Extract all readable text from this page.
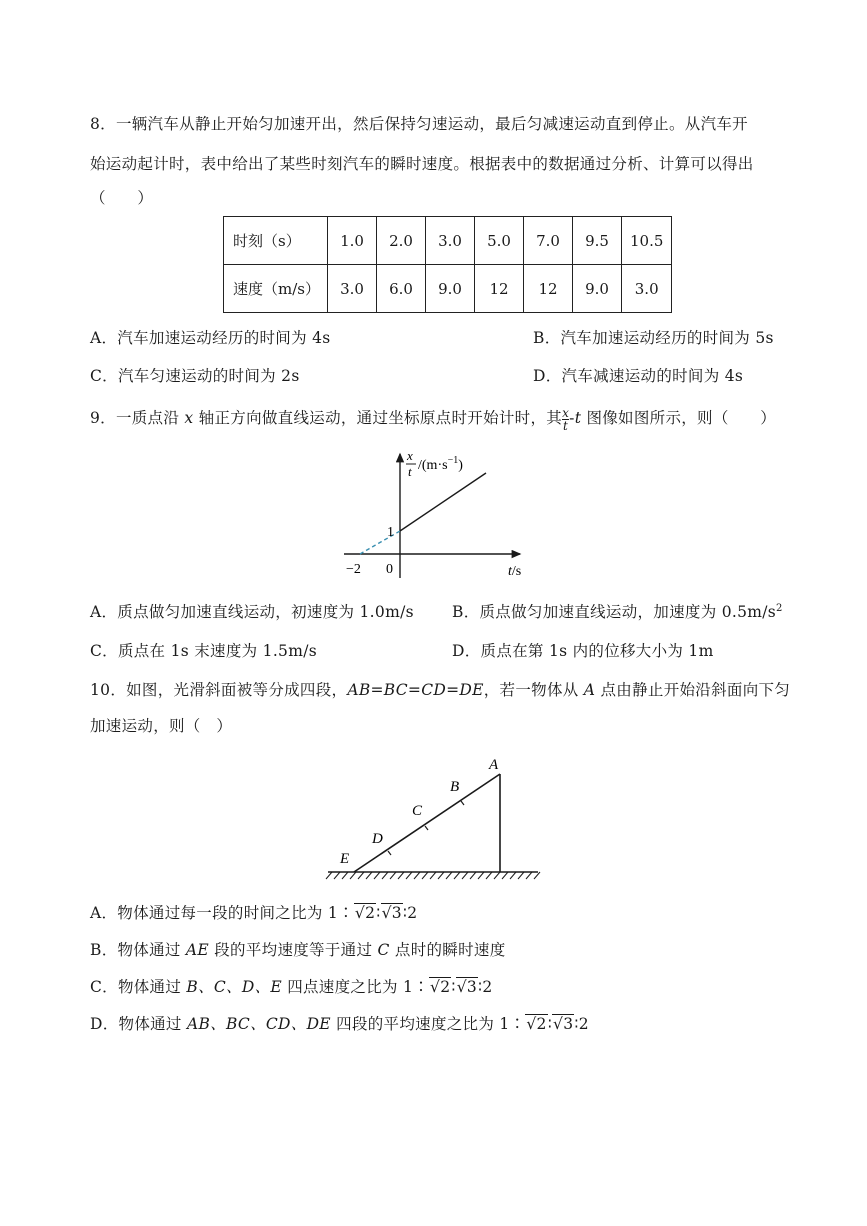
8．一辆汽车从静止开始匀加速开出，然后保持匀速运动，最后匀减速运动直到停止。从汽车开
始运动起计时，表中给出了某些时刻汽车的瞬时速度。根据表中的数据通过分析、计算可以得出
（　　）
时刻（s）	1.0	2.0	3.0	5.0	7.0	9.5	10.5
速度（m/s）	3.0	6.0	9.0	12	12	9.0	3.0
A．汽车加速运动经历的时间为 4s	B．汽车加速运动经历的时间为 5s
C．汽车匀速运动的时间为 2s	D．汽车减速运动的时间为 4s
9．一质点沿 x 轴正方向做直线运动，通过坐标原点时开始计时，其 $\frac{x}{t} -t$ 图像如图所示，则（　　）
x
t $/(m\cdot s^{-1})$
1
−2 0	t/s
A．质点做匀加速直线运动，初速度为 1.0m/s B．质点做匀加速直线运动，加速度为 $0.5m/s^2$
C．质点在 1s 末速度为 1.5m/s	D．质点在第 1s 内的位移大小为 1m
10．如图，光滑斜面被等分成四段，AB=BC=CD=DE，若一物体从 A 点由静止开始沿斜面向下匀
加速运动，则（　）
A
B
C
D
E
A．物体通过每一段的时间之比为 1∶√2∶√3∶2
B．物体通过 AE 段的平均速度等于通过 C 点时的瞬时速度
C．物体通过 B、C、D、E 四点速度之比为 1∶√2∶√3∶2
D．物体通过 AB、BC、CD、DE 四段的平均速度之比为 1∶√2∶√3∶2
